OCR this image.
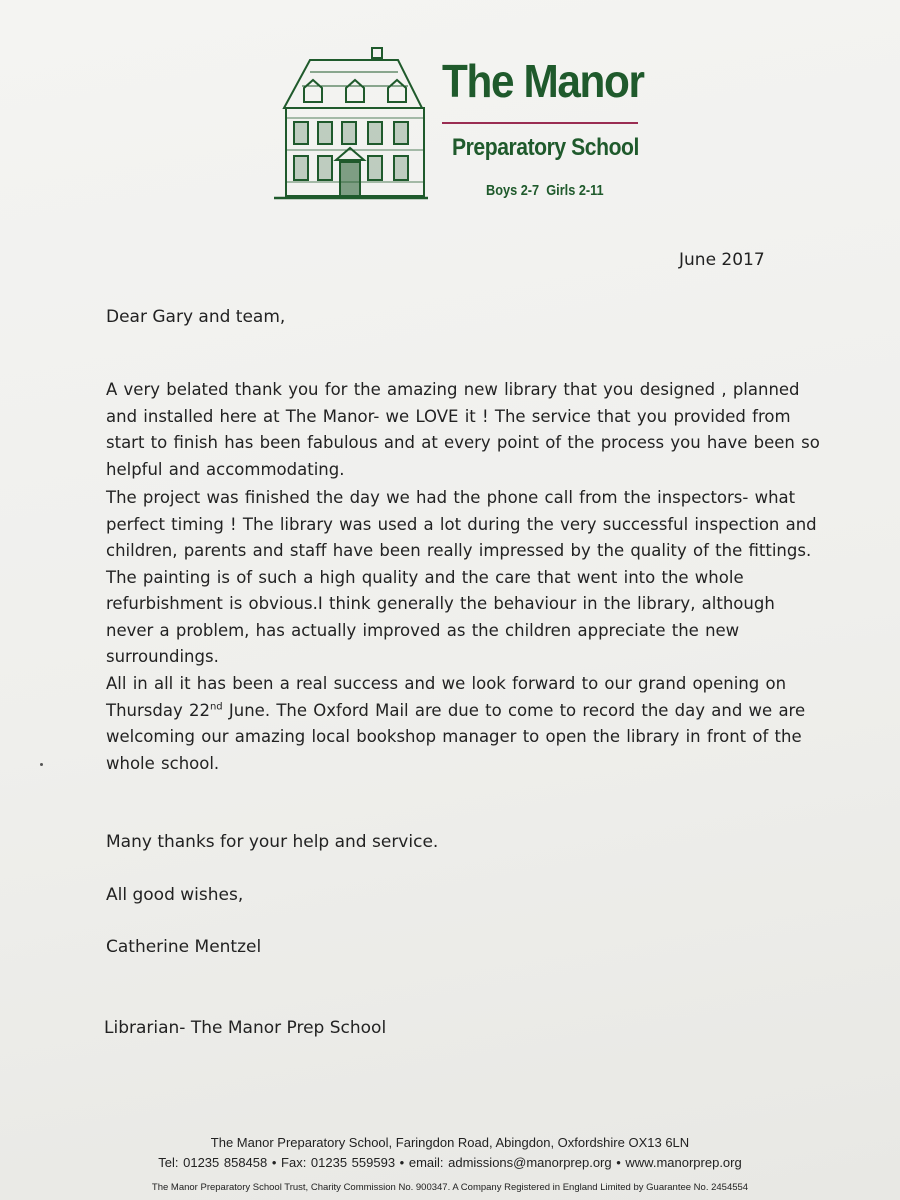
The Manor
Preparatory School
Boys 2-7  Girls 2-11
June 2017
Dear Gary and team,

A very belated thank you for the amazing new library that you designed , planned and installed here at The Manor- we LOVE it ! The service that you provided from start to finish has been fabulous and at every point of the process you have been so helpful and accommodating.

The project was finished the day we had the phone call from the inspectors- what perfect timing ! The library was used a lot during the very successful inspection and children, parents and staff have been really impressed by the quality of the fittings. The painting is of such a high quality and the care that went into the whole refurbishment is obvious.I think generally the behaviour in the library, although never a problem, has actually improved as the children appreciate the new surroundings.

All in all it has been a real success and we look forward to our grand opening on Thursday 22nd June. The Oxford Mail are due to come to record the day and we are welcoming our amazing local bookshop manager to open the library in front of the whole school.

Many thanks for your help and service.
All good wishes,
Catherine Mentzel
Librarian- The Manor Prep School
The Manor Preparatory School, Faringdon Road, Abingdon, Oxfordshire OX13 6LN
Tel: 01235 858458 • Fax: 01235 559593 • email: admissions@manorprep.org • www.manorprep.org
The Manor Preparatory School Trust, Charity Commission No. 900347. A Company Registered in England Limited by Guarantee No. 2454554
